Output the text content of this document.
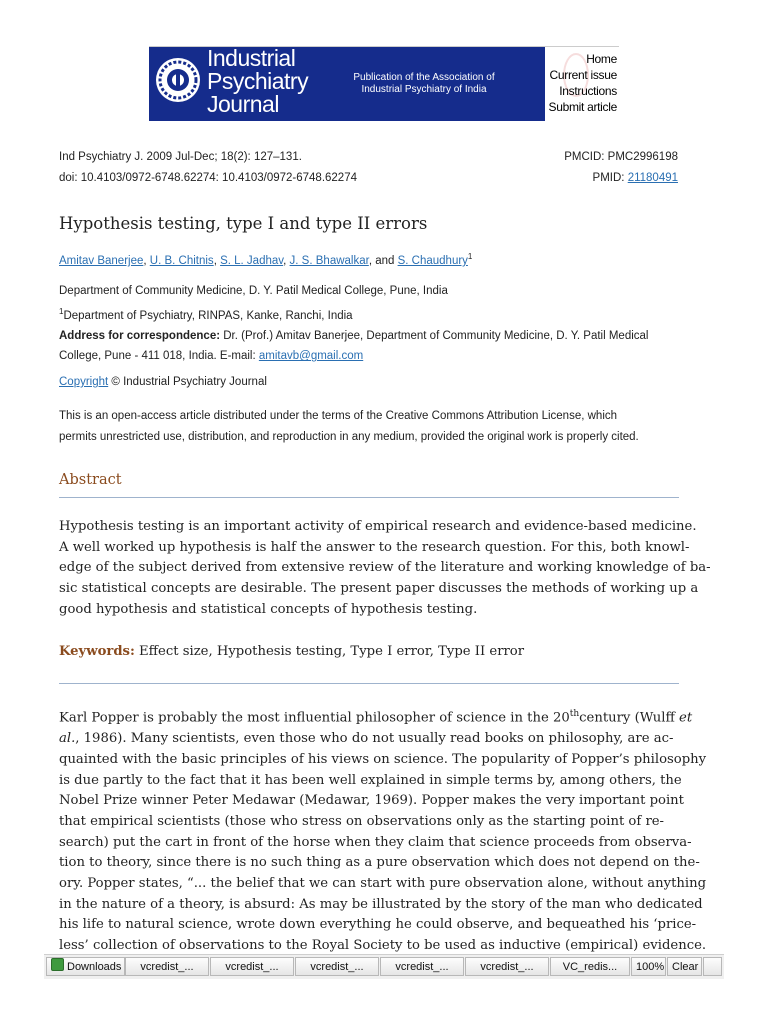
Industrial
Psychiatry
Journal
Publication of the Association of
Industrial Psychiatry of India
Home
Current issue
Instructions
Submit article
Ind Psychiatry J. 2009 Jul-Dec; 18(2): 127–131.
doi: 10.4103/0972-6748.62274: 10.4103/0972-6748.62274
PMCID: PMC2996198
PMID: 21180491
Hypothesis testing, type I and type II errors
Amitav Banerjee, U. B. Chitnis, S. L. Jadhav, J. S. Bhawalkar, and S. Chaudhury$^1$
Department of Community Medicine, D. Y. Patil Medical College, Pune, India
$^1$Department of Psychiatry, RINPAS, Kanke, Ranchi, India
Address for correspondence: Dr. (Prof.) Amitav Banerjee, Department of Community Medicine, D. Y. Patil Medical
College, Pune - 411 018, India. E-mail: amitavb@gmail.com
Copyright © Industrial Psychiatry Journal
This is an open-access article distributed under the terms of the Creative Commons Attribution License, which
permits unrestricted use, distribution, and reproduction in any medium, provided the original work is properly cited.
Abstract
Hypothesis testing is an important activity of empirical research and evidence-based medicine.
A well worked up hypothesis is half the answer to the research question. For this, both knowl-
edge of the subject derived from extensive review of the literature and working knowledge of ba-
sic statistical concepts are desirable. The present paper discusses the methods of working up a
good hypothesis and statistical concepts of hypothesis testing.
Keywords: Effect size, Hypothesis testing, Type I error, Type II error
Karl Popper is probably the most influential philosopher of science in the 20thcentury (Wulff et
al., 1986). Many scientists, even those who do not usually read books on philosophy, are ac-
quainted with the basic principles of his views on science. The popularity of Popper’s philosophy
is due partly to the fact that it has been well explained in simple terms by, among others, the
Nobel Prize winner Peter Medawar (Medawar, 1969). Popper makes the very important point
that empirical scientists (those who stress on observations only as the starting point of re-
search) put the cart in front of the horse when they claim that science proceeds from observa-
tion to theory, since there is no such thing as a pure observation which does not depend on the-
ory. Popper states, “... the belief that we can start with pure observation alone, without anything
in the nature of a theory, is absurd: As may be illustrated by the story of the man who dedicated
his life to natural science, wrote down everything he could observe, and bequeathed his ‘price-
less’ collection of observations to the Royal Society to be used as inductive (empirical) evidence.
Downloads	vcredist_...	vcredist_...	vcredist_...	vcredist_...	vcredist_...	VC_redis...	100% Clear
